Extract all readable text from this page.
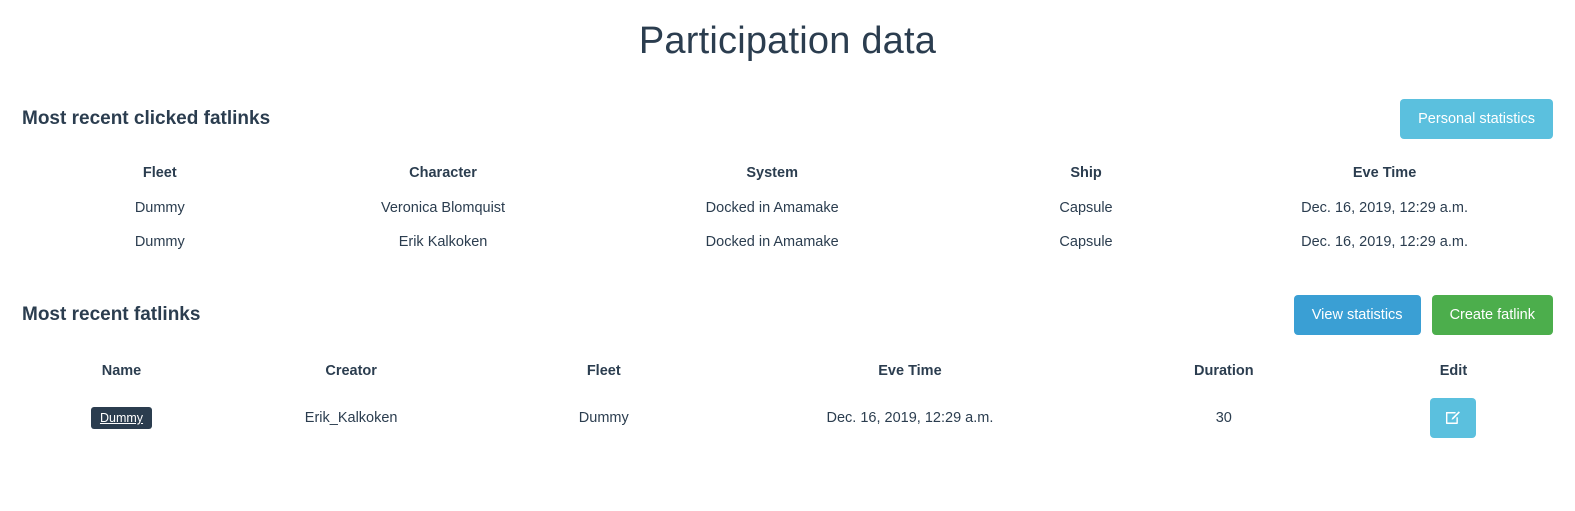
Participation data
Most recent clicked fatlinks	Personal statistics
Fleet	Character	System	Ship	Eve Time
Dummy	Veronica Blomquist	Docked in Amamake	Capsule	Dec. 16, 2019, 12:29 a.m.
Dummy	Erik Kalkoken	Docked in Amamake	Capsule	Dec. 16, 2019, 12:29 a.m.
Most recent fatlinks	View statistics	Create fatlink
Name	Creator	Fleet	Eve Time	Duration	Edit
Dummy	Erik_Kalkoken	Dummy	Dec. 16, 2019, 12:29 a.m.	30	
